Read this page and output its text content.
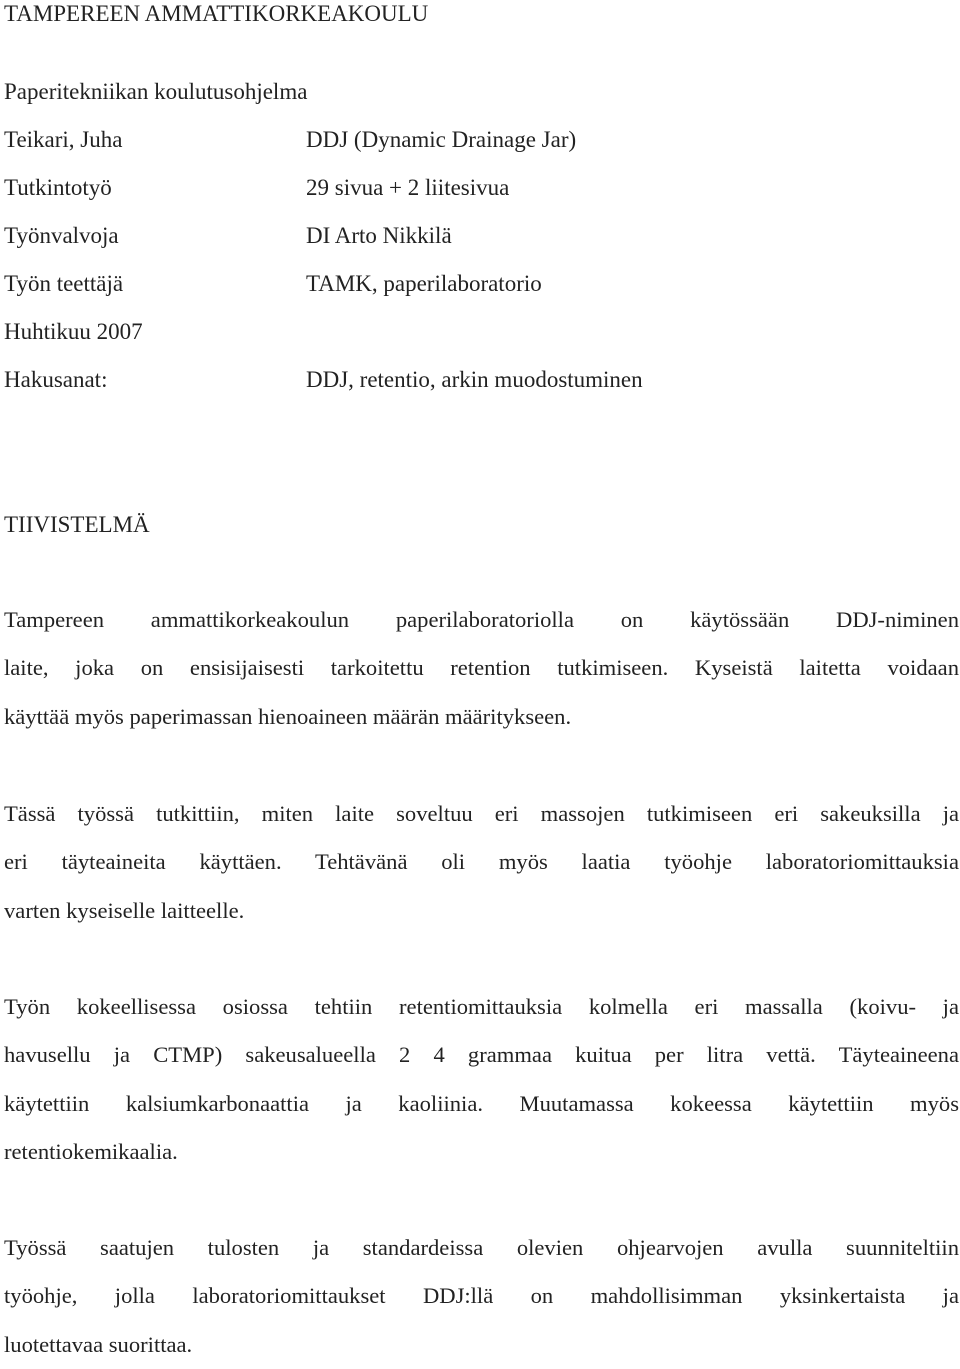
TAMPEREEN AMMATTIKORKEAKOULU
Paperitekniikan koulutusohjelma
Teikari, Juha	DDJ (Dynamic Drainage Jar)
Tutkintotyö	29 sivua + 2 liitesivua
Työnvalvoja	DI Arto Nikkilä
Työn teettäjä	TAMK, paperilaboratorio
Huhtikuu 2007
Hakusanat:	DDJ, retentio, arkin muodostuminen
TIIVISTELMÄ
Tampereen ammattikorkeakoulun paperilaboratoriolla on käytössään DDJ-niminen
laite, joka on ensisijaisesti tarkoitettu retention tutkimiseen. Kyseistä laitetta voidaan
käyttää myös paperimassan hienoaineen määrän määritykseen.
Tässä työssä tutkittiin, miten laite soveltuu eri massojen tutkimiseen eri sakeuksilla ja
eri täyteaineita käyttäen. Tehtävänä oli myös laatia työohje laboratoriomittauksia
varten kyseiselle laitteelle.
Työn kokeellisessa osiossa tehtiin retentiomittauksia kolmella eri massalla (koivu- ja
havusellu ja CTMP) sakeusalueella 2 4 grammaa kuitua per litra vettä. Täyteaineena
käytettiin kalsiumkarbonaattia ja kaoliinia. Muutamassa kokeessa käytettiin myös
retentiokemikaalia.
Työssä saatujen tulosten ja standardeissa olevien ohjearvojen avulla suunniteltiin
työohje, jolla laboratoriomittaukset DDJ:llä on mahdollisimman yksinkertaista ja
luotettavaa suorittaa.
